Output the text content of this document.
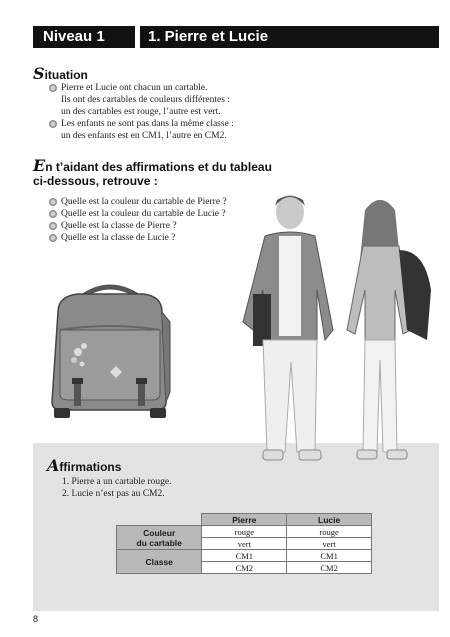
Niveau 1	1. Pierre et Lucie
Situation
Pierre et Lucie ont chacun un cartable.
Ils ont des cartables de couleurs différentes :
un des cartables est rouge, l’autre est vert.
Les enfants ne sont pas dans la même classe :
un des enfants est en CM1, l’autre en CM2.
En t’aidant des affirmations et du tableau
ci-dessous, retrouve :
Quelle est la couleur du cartable de Pierre ?
Quelle est la couleur du cartable de Lucie ?
Quelle est la classe de Pierre ?
Quelle est la classe de Lucie ?
Affirmations
1. Pierre a un cartable rouge.
2. Lucie n’est pas au CM2.
	Pierre	Lucie
Couleur
du cartable	rouge	rouge
	vert	vert
Classe	CM1	CM1
	CM2	CM2
8
